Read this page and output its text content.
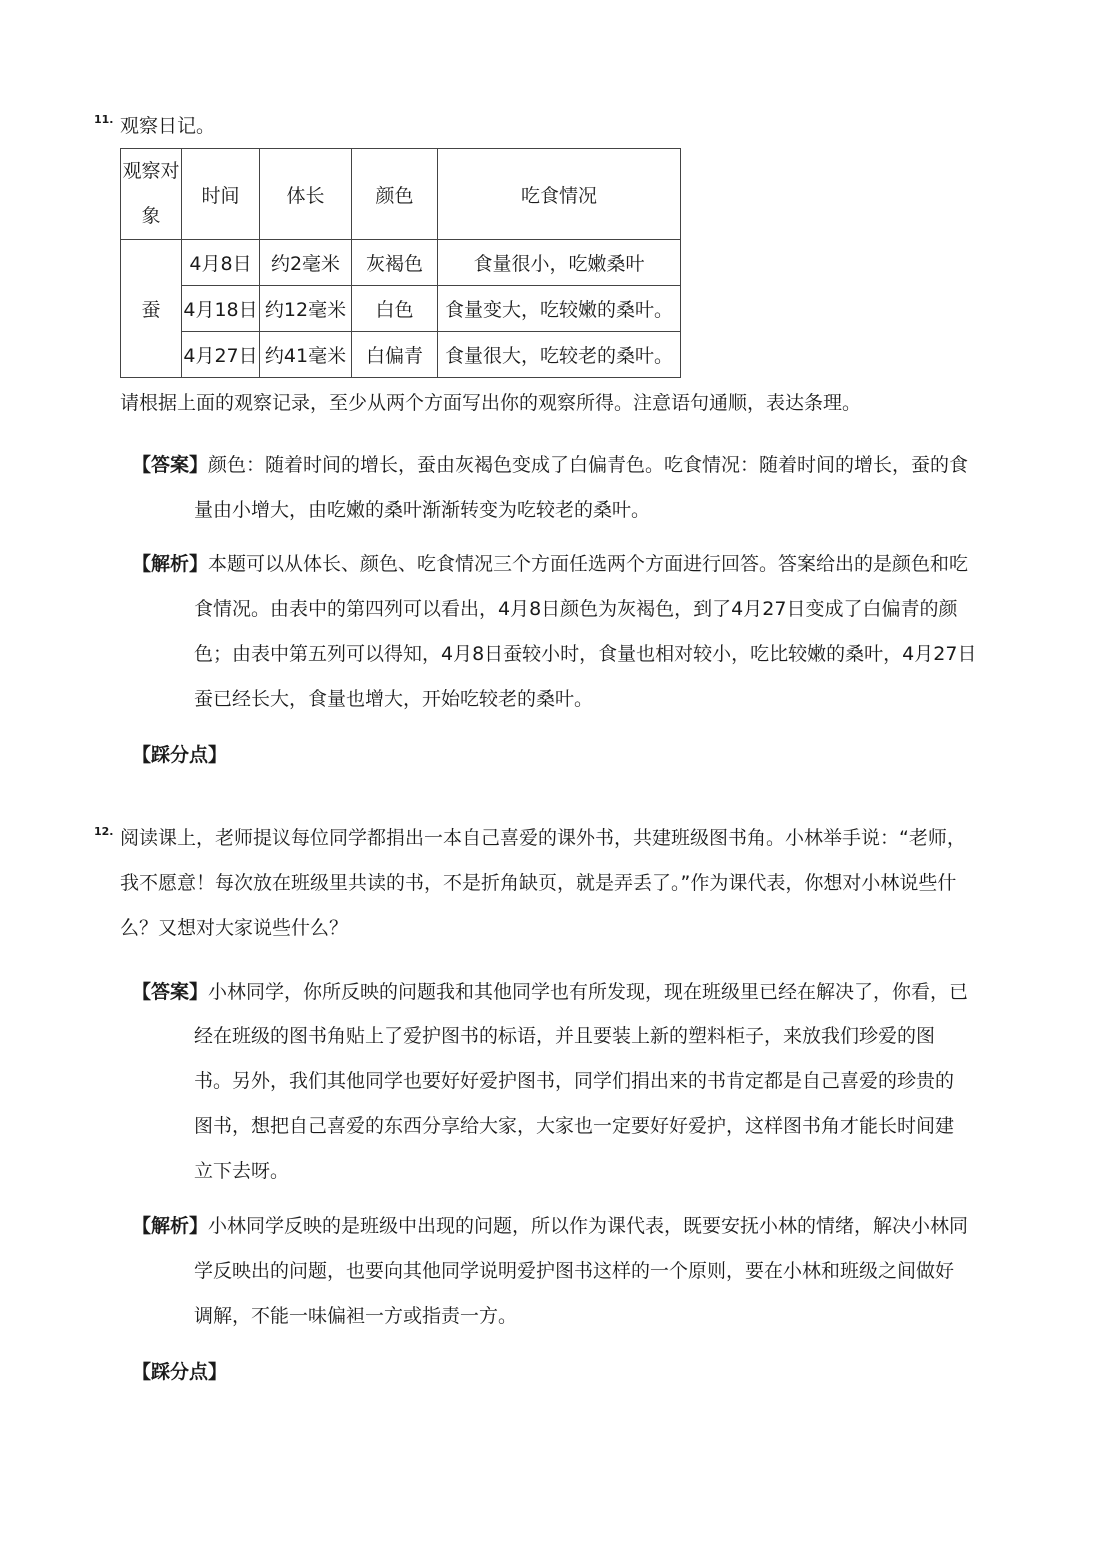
11. 观察日记。
观察对
象	时间	体长	颜色	吃食情况
蚕	4月8日	约2毫米	灰褐色	食量很小，吃嫩桑叶
	4月18日	约12毫米	白色	食量变大，吃较嫩的桑叶。
	4月27日	约41毫米	白偏青	食量很大，吃较老的桑叶。
请根据上面的观察记录，至少从两个方面写出你的观察所得。注意语句通顺，表达条理。
【答案】 颜色：随着时间的增长，蚕由灰褐色变成了白偏青色。吃食情况：随着时间的增长，蚕的食
量由小增大，由吃嫩的桑叶渐渐转变为吃较老的桑叶。
【解析】 本题可以从体长、颜色、吃食情况三个方面任选两个方面进行回答。答案给出的是颜色和吃
食情况。由表中的第四列可以看出，4月8日颜色为灰褐色，到了4月27日变成了白偏青的颜
色；由表中第五列可以得知，4月8日蚕较小时，食量也相对较小，吃比较嫩的桑叶，4月27日
蚕已经长大，食量也增大，开始吃较老的桑叶。
【踩分点】
12. 阅读课上，老师提议每位同学都捐出一本自己喜爱的课外书，共建班级图书角。小林举手说：“老师，
我不愿意！每次放在班级里共读的书，不是折角缺页，就是弄丢了。”作为课代表，你想对小林说些什
么？又想对大家说些什么？
【答案】 小林同学，你所反映的问题我和其他同学也有所发现，现在班级里已经在解决了，你看，已
经在班级的图书角贴上了爱护图书的标语，并且要装上新的塑料柜子，来放我们珍爱的图
书。另外，我们其他同学也要好好爱护图书，同学们捐出来的书肯定都是自己喜爱的珍贵的
图书，想把自己喜爱的东西分享给大家，大家也一定要好好爱护，这样图书角才能长时间建
立下去呀。
【解析】 小林同学反映的是班级中出现的问题，所以作为课代表，既要安抚小林的情绪，解决小林同
学反映出的问题，也要向其他同学说明爱护图书这样的一个原则，要在小林和班级之间做好
调解，不能一味偏袒一方或指责一方。
【踩分点】
